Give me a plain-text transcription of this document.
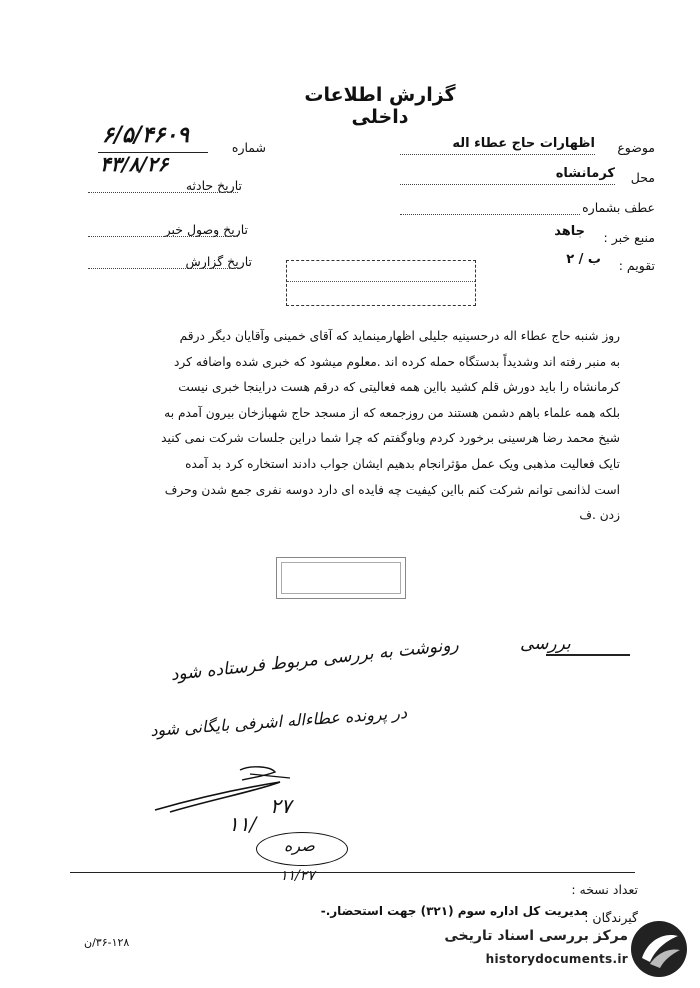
گزارش اطلاعات داخلی
شماره
۶/۵/۴۶۰۹
۴۳/۸/۲۶
تاریخ حادثه
تاریخ وصول خبر
تاریخ گزارش
موضوع
اظهارات حاج عطاء اله
محل
کرمانشاه
عطف بشماره
منبع خبر :
جاهد
تقویم :
ب / ۲

روز شنبه حاج عطاء اله درحسینیه جلیلی اظهارمینماید که آقای خمینی وآقایان دیگر درقم

به منبر رفته اند وشدیداً بدستگاه حمله کرده اند .معلوم میشود که خبری شده واضافه کرد

کرمانشاه را باید دورش قلم کشید بااین همه فعالیتی که درقم هست دراینجا خبری نیست

بلکه همه علماء باهم دشمن هستند من روزجمعه که از مسجد حاج شهبازخان بیرون آمدم به

شیخ محمد رضا هرسینی برخورد کردم وباوگفتم که چرا شما دراین جلسات شرکت نمی کنید

تایک فعالیت مذهبی ویک عمل مؤثرانجام بدهیم ایشان جواب دادند استخاره کرد بد آمده

است لذانمی توانم شرکت کنم بااین کیفیت چه فایده ای دارد دوسه نفری جمع شدن وحرف

زدن .ف

بررسی
رونوشت به بررسی مربوط فرستاده شود
در پرونده عطاءاله اشرفی بایگانی شود
۲۷
۱۱/
صره
۱۱/۲۷
تعداد نسخه :
گیرندگان :
مدیریت کل اداره سوم (۳۲۱) جهت استحضار.-
۳۶-۱۲۸/ن	مرکز بررسی اسناد تاریخی
historydocuments.ir
